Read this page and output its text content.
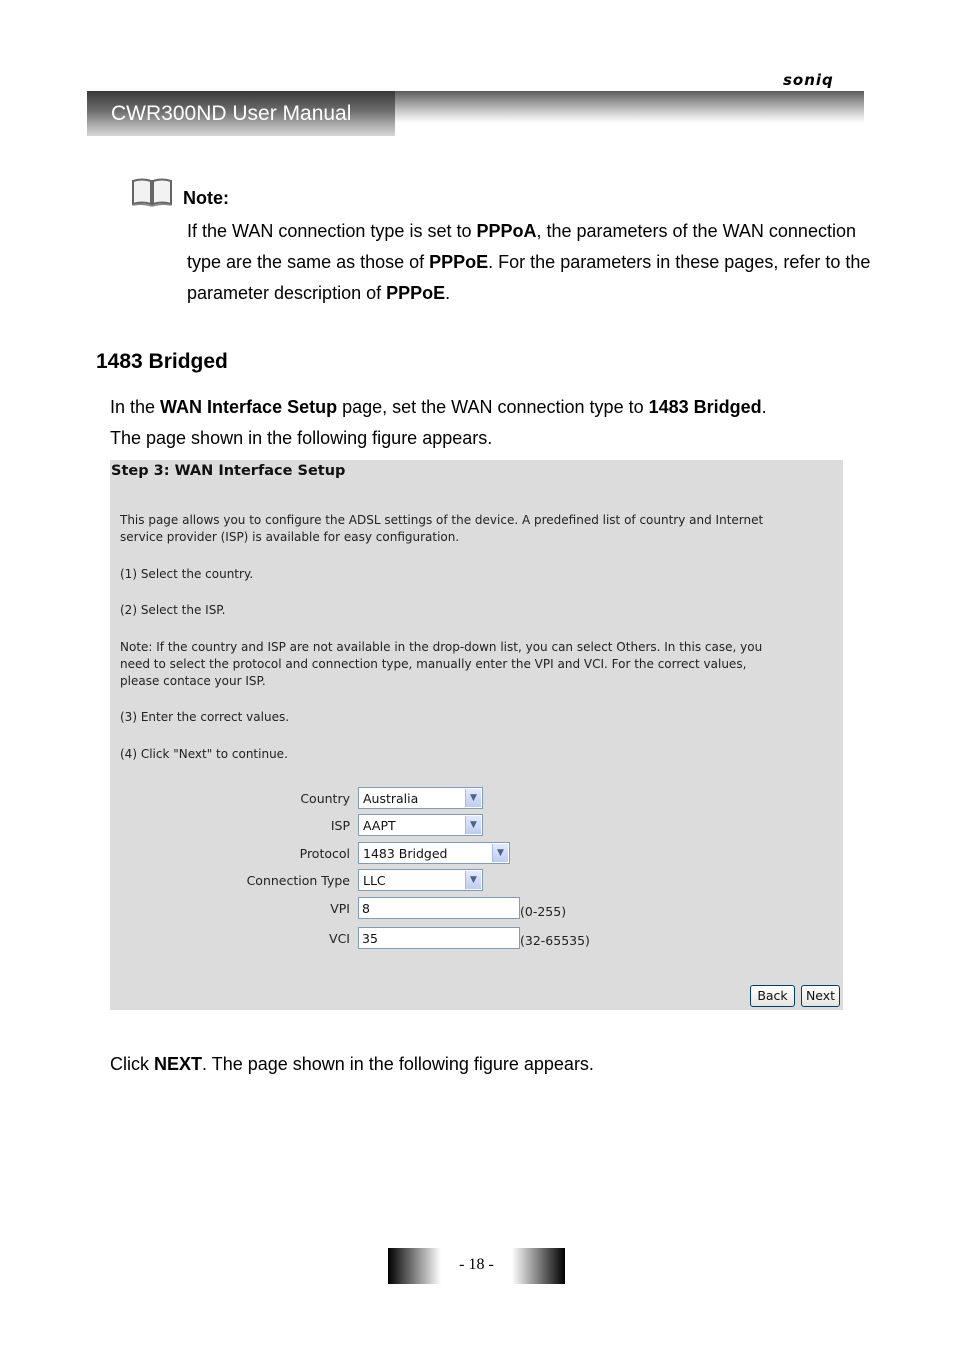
soniq
CWR300ND User Manual
Note:
If the WAN connection type is set to PPPoA, the parameters of the WAN connection type are the same as those of PPPoE. For the parameters in these pages, refer to the parameter description of PPPoE.
1483 Bridged
In the WAN Interface Setup page, set the WAN connection type to 1483 Bridged.
The page shown in the following figure appears.
Step 3: WAN Interface Setup
This page allows you to configure the ADSL settings of the device. A predefined list of country and Internet
service provider (ISP) is available for easy configuration.
(1) Select the country.
(2) Select the ISP.
Note: If the country and ISP are not available in the drop-down list, you can select Others. In this case, you
need to select the protocol and connection type, manually enter the VPI and VCI. For the correct values,
please contace your ISP.
(3) Enter the correct values.
(4) Click "Next" to continue.
Country Australia	▼
ISP AAPT	▼
Protocol 1483 Bridged	▼
Connection Type LLC	▼
VPI 8	(0-255)
VCI 35	(32-65535)
Back	Next
Click NEXT. The page shown in the following figure appears.
- 18 -
